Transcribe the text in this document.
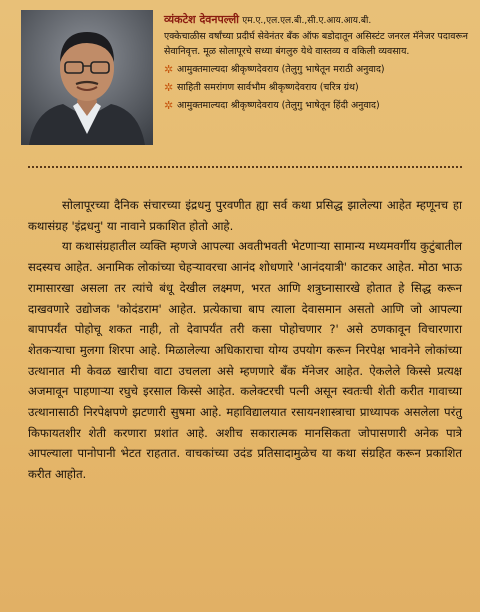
व्यंकटेश देवनपल्ली एम.ए.,एल.एल.बी.,सी.ए.आय.आय.बी.
एक्केचाळीस वर्षांच्या प्रदीर्घ सेवेनंतर बँक ऑफ बडोदातून असिस्टंट जनरल मॅनेजर पदावरून सेवानिवृत्त. मूळ सोलापूरचे सध्या बंगलुरु येथे वास्तव्य व वकिली व्यवसाय.
✲ आमुक्तमाल्यदा श्रीकृष्णदेवराय (तेलुगु भाषेतून मराठी अनुवाद)
✲ साहिती समरांगण सार्वभौम श्रीकृष्णदेवराय (चरित्र ग्रंथ)
✲ आमुक्तमाल्यदा श्रीकृष्णदेवराय (तेलुगु भाषेतून हिंदी अनुवाद)

सोलापूरच्या दैनिक संचारच्या इंद्रधनु पुरवणीत ह्या सर्व कथा प्रसिद्ध झालेल्या आहेत म्हणूनच हा कथासंग्रह 'इंद्रधनु' या नावाने प्रकाशित होतो आहे.

या कथासंग्रहातील व्यक्ति म्हणजे आपल्या अवतीभवती भेटणाऱ्या सामान्य मध्यमवर्गीय कुटुंबातील सदस्यच आहेत. अनामिक लोकांच्या चेहऱ्यावरचा आनंद शोधणारे 'आनंदयात्री' काटकर आहेत. मोठा भाऊ रामासारखा असला तर त्यांचे बंधू देखील लक्ष्मण, भरत आणि शत्रुघ्नासारखे होतात हे सिद्ध करून दाखवणारे उद्योजक 'कोदंडराम' आहेत. प्रत्येकाचा बाप त्याला देवासमान असतो आणि जो आपल्या बापापर्यंत पोहोचू शकत नाही, तो देवापर्यंत तरी कसा पोहोचणार ?' असे ठणकावून विचारणारा शेतकऱ्याचा मुलगा शिरपा आहे. मिळालेल्या अधिकाराचा योग्य उपयोग करून निरपेक्ष भावनेने लोकांच्या उत्थानात मी केवळ खारीचा वाटा उचलला असे म्हणणारे बँक मॅनेजर आहेत. ऐकलेले किस्से प्रत्यक्ष अजमावून पाहणाऱ्या रघुचे इरसाल किस्से आहेत. कलेक्टरची पत्नी असून स्वतःची शेती करीत गावाच्या उत्थानासाठी निरपेक्षपणे झटणारी सुषमा आहे. महाविद्यालयात रसायनशास्त्राचा प्राध्यापक असलेला परंतु किफायतशीर शेती करणारा प्रशांत आहे. अशीच सकारात्मक मानसिकता जोपासणारी अनेक पात्रे आपल्याला पानोपानी भेटत राहतात. वाचकांच्या उदंड प्रतिसादामुळेच या कथा संग्रहित करून प्रकाशित करीत आहोत.
